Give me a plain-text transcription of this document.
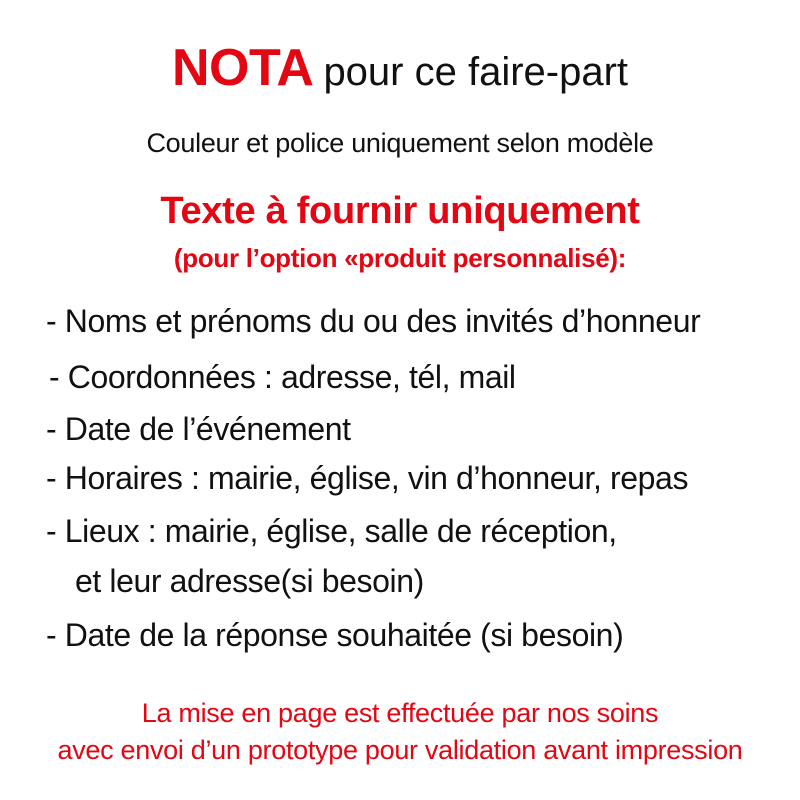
NOTA pour ce faire-part
Couleur et police uniquement selon modèle
Texte à fournir uniquement
(pour l’option «produit personnalisé):
- Noms et prénoms du ou des invités d’honneur
- Coordonnées : adresse, tél, mail
- Date de l’événement
- Horaires : mairie, église, vin d’honneur, repas
- Lieux : mairie, église, salle de réception,
et leur adresse(si besoin)
- Date de la réponse souhaitée (si besoin)
La mise en page est effectuée par nos soins
avec envoi d’un prototype pour validation avant impression
